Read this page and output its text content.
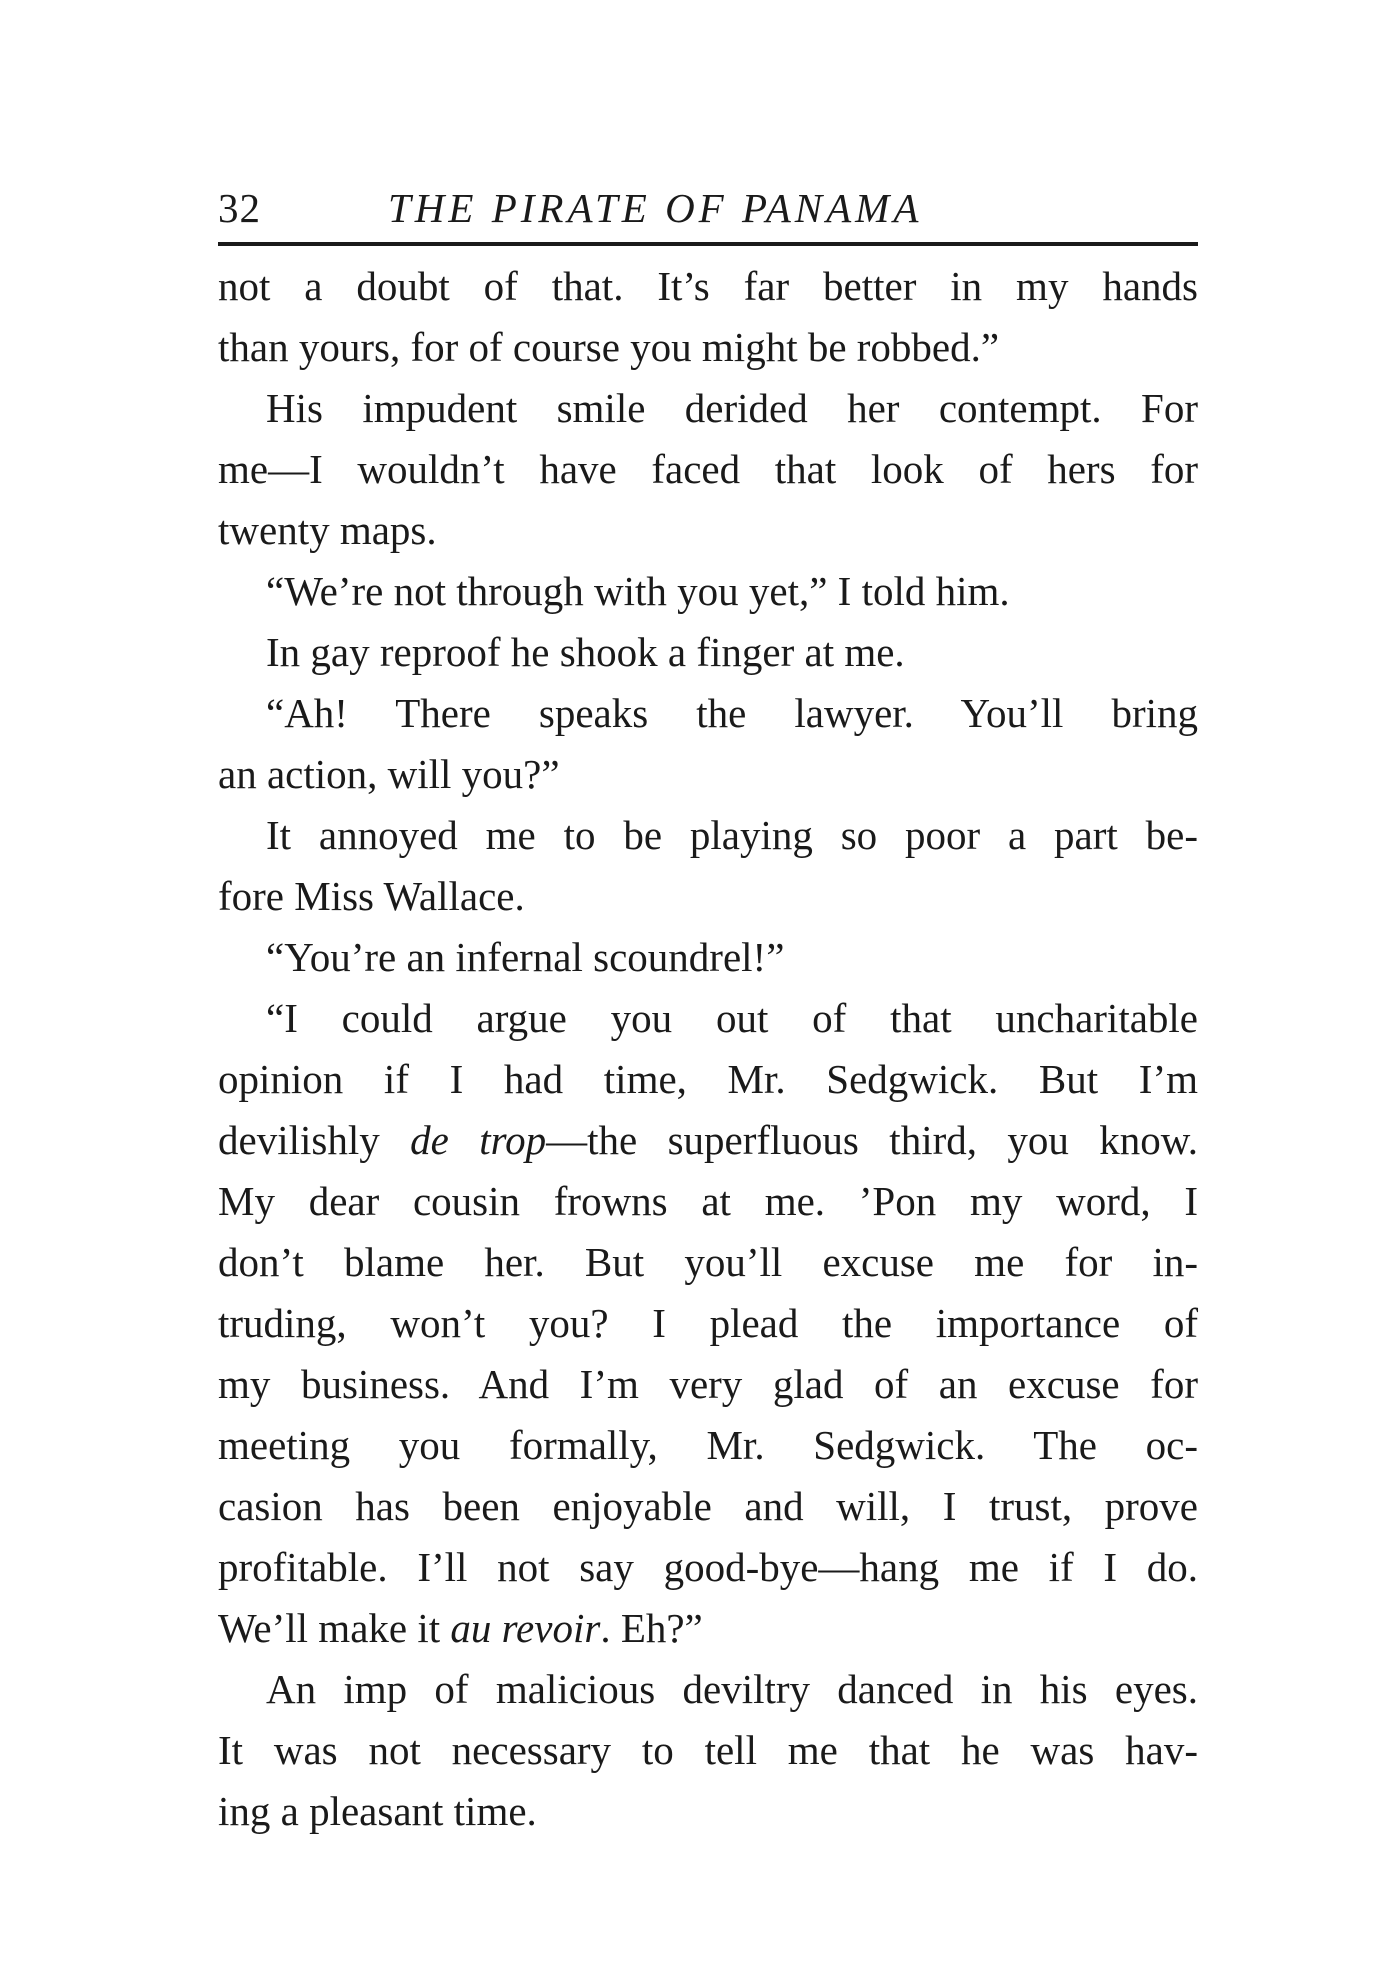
32	THE PIRATE OF PANAMA
not a doubt of that. It’s far better in my hands
than yours, for of course you might be robbed.”
His impudent smile derided her contempt. For
me—I wouldn’t have faced that look of hers for
twenty maps.
“We’re not through with you yet,” I told him.
In gay reproof he shook a finger at me.
“Ah! There speaks the lawyer. You’ll bring
an action, will you?”
It annoyed me to be playing so poor a part be-
fore Miss Wallace.
“You’re an infernal scoundrel!”
“I could argue you out of that uncharitable
opinion if I had time, Mr. Sedgwick. But I’m
devilishly de trop—the superfluous third, you know.
My dear cousin frowns at me. ’Pon my word, I
don’t blame her. But you’ll excuse me for in-
truding, won’t you? I plead the importance of
my business. And I’m very glad of an excuse for
meeting you formally, Mr. Sedgwick. The oc-
casion has been enjoyable and will, I trust, prove
profitable. I’ll not say good-bye—hang me if I do.
We’ll make it au revoir. Eh?”
An imp of malicious deviltry danced in his eyes.
It was not necessary to tell me that he was hav-
ing a pleasant time.
